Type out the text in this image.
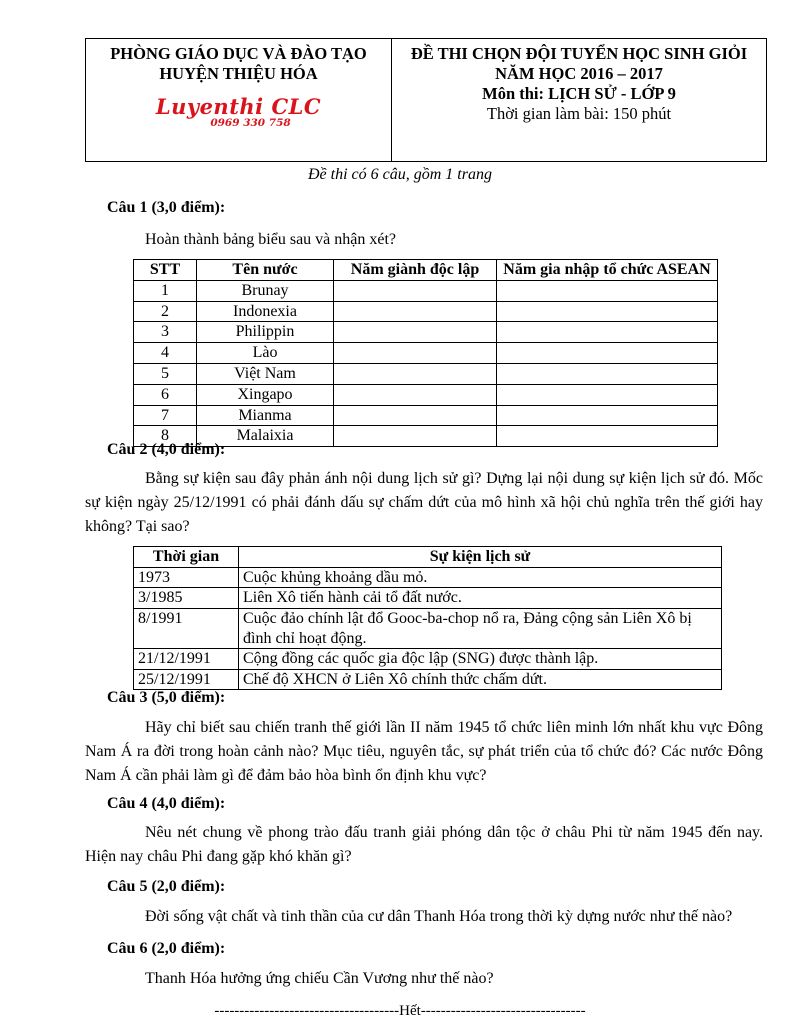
PHÒNG GIÁO DỤC VÀ ĐÀO TẠO
HUYỆN THIỆU HÓA
Luyenthi CLC
0969 330 758
ĐỀ THI CHỌN ĐỘI TUYỂN HỌC SINH GIỎI
NĂM HỌC 2016 – 2017
Môn thi: LỊCH SỬ - LỚP 9
Thời gian làm bài: 150 phút
Đề thi có 6 câu, gồm 1 trang
Câu 1 (3,0 điểm):
Hoàn thành bảng biểu sau và nhận xét?
STT	Tên nước	Năm giành độc lập	Năm gia nhập tổ chức ASEAN
1	Brunay		
2	Indonexia		
3	Philippin		
4	Lào		
5	Việt Nam		
6	Xingapo		
7	Mianma		
8	Malaixia		
Câu 2 (4,0 điểm):
Bằng sự kiện sau đây phản ánh nội dung lịch sử gì? Dựng lại nội dung sự kiện lịch sử đó. Mốc sự kiện ngày 25/12/1991 có phải đánh dấu sự chấm dứt của mô hình xã hội chủ nghĩa trên thế giới hay không? Tại sao?
Thời gian	Sự kiện lịch sử
1973	Cuộc khủng khoảng dầu mỏ.
3/1985	Liên Xô tiến hành cải tổ đất nước.
8/1991	Cuộc đảo chính lật đổ Gooc-ba-chop nổ ra, Đảng cộng sản Liên Xô bị đình chỉ hoạt động.
21/12/1991	Cộng đồng các quốc gia độc lập (SNG) được thành lập.
25/12/1991	Chế độ XHCN ở Liên Xô chính thức chấm dứt.
Câu 3 (5,0 điểm):
Hãy chỉ biết sau chiến tranh thế giới lần II năm 1945 tổ chức liên minh lớn nhất khu vực Đông Nam Á ra đời trong hoàn cảnh nào? Mục tiêu, nguyên tắc, sự phát triển của tổ chức đó? Các nước Đông Nam Á cần phải làm gì để đảm bảo hòa bình ổn định khu vực?
Câu 4 (4,0 điểm):
Nêu nét chung về phong trào đấu tranh giải phóng dân tộc ở châu Phi từ năm 1945 đến nay. Hiện nay châu Phi đang gặp khó khăn gì?
Câu 5 (2,0 điểm):
Đời sống vật chất và tinh thần của cư dân Thanh Hóa trong thời kỳ dựng nước như thế nào?
Câu 6 (2,0 điểm):
Thanh Hóa hưởng ứng chiếu Cần Vương như thế nào?
-------------------------------------Hết---------------------------------
